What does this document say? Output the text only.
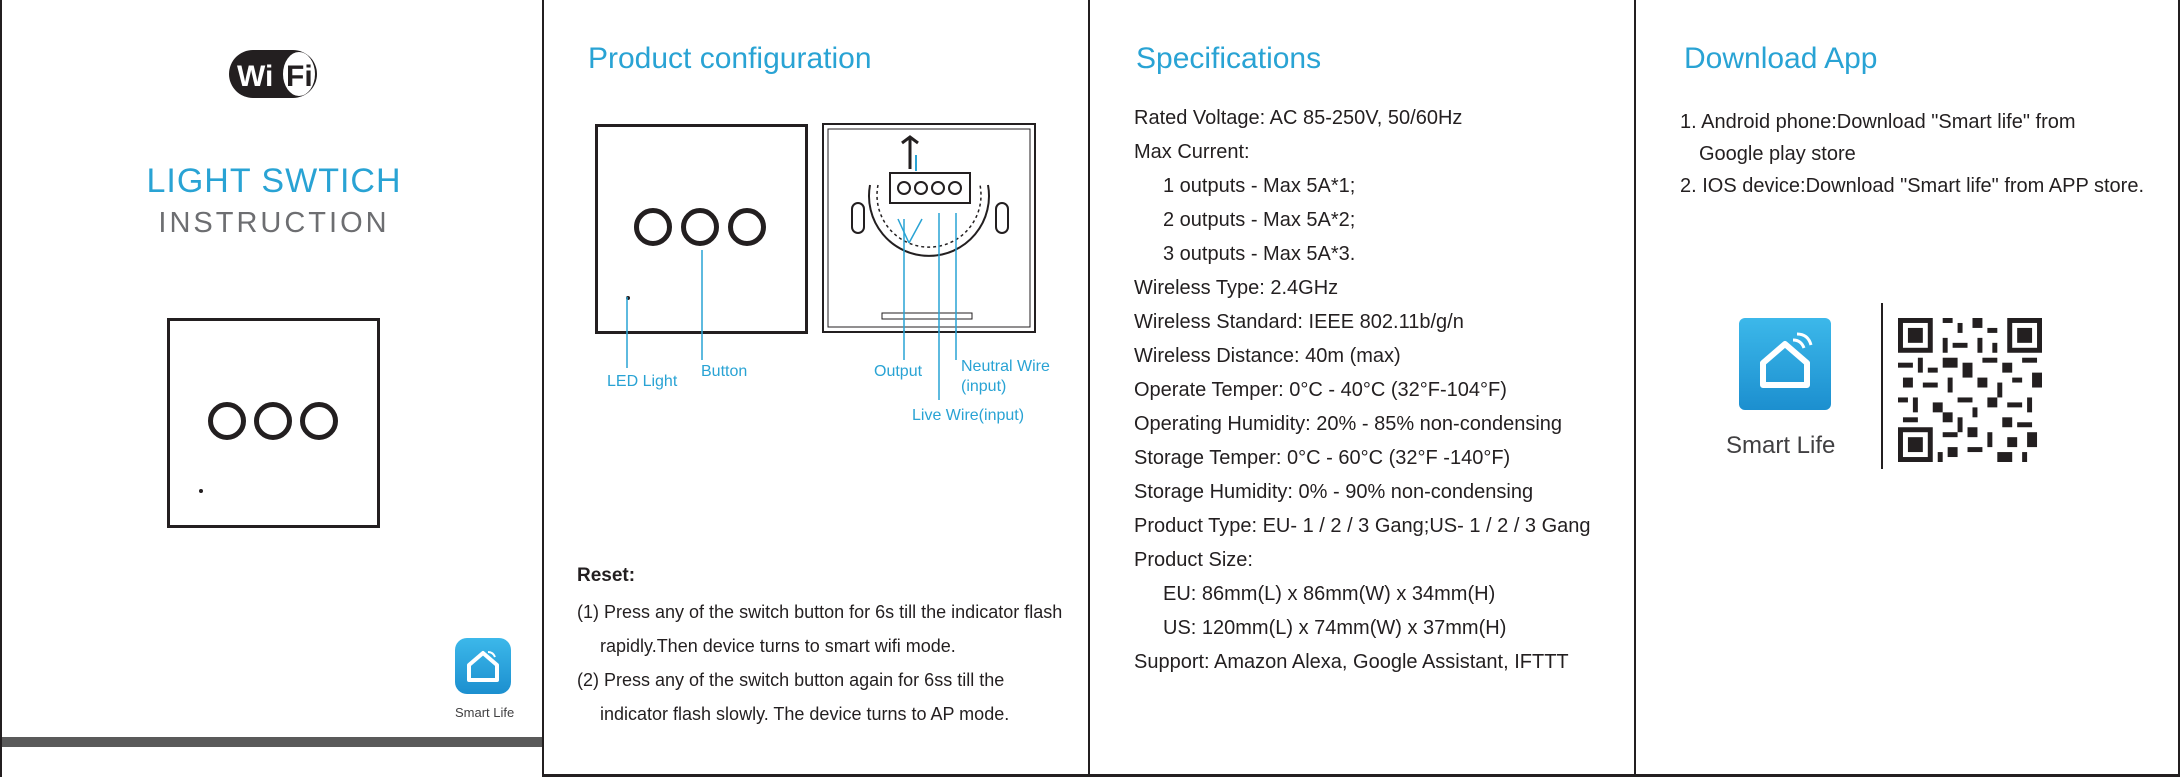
Wi Fi
LIGHT SWTICH
INSTRUCTION
Smart Life
Product configuration
LED Light
Button	Output Neutral Wire
(input)
Live Wire(input)
Reset:
(1) Press any of the switch button for 6s till the indicator flash
rapidly.Then device turns to smart wifi mode.
(2) Press any of the switch button again for 6ss till the
indicator flash slowly. The device turns to AP mode.
Specifications
Rated Voltage: AC 85-250V, 50/60Hz
Max Current:
1 outputs - Max 5A*1;
2 outputs - Max 5A*2;
3 outputs - Max 5A*3.
Wireless Type: 2.4GHz
Wireless Standard: IEEE 802.11b/g/n
Wireless Distance: 40m (max)
Operate Temper: 0°C - 40°C (32°F-104°F)
Operating Humidity: 20% - 85% non-condensing
Storage Temper: 0°C - 60°C (32°F -140°F)
Storage Humidity: 0% - 90% non-condensing
Product Type: EU- 1 / 2 / 3 Gang;US- 1 / 2 / 3 Gang
Product Size:
EU: 86mm(L) x 86mm(W) x 34mm(H)
US: 120mm(L) x 74mm(W) x 37mm(H)
Support: Amazon Alexa, Google Assistant, IFTTT
Download App
1. Android phone:Download "Smart life" from
Google play store
2. IOS device:Download "Smart life" from APP store.
Smart Life
